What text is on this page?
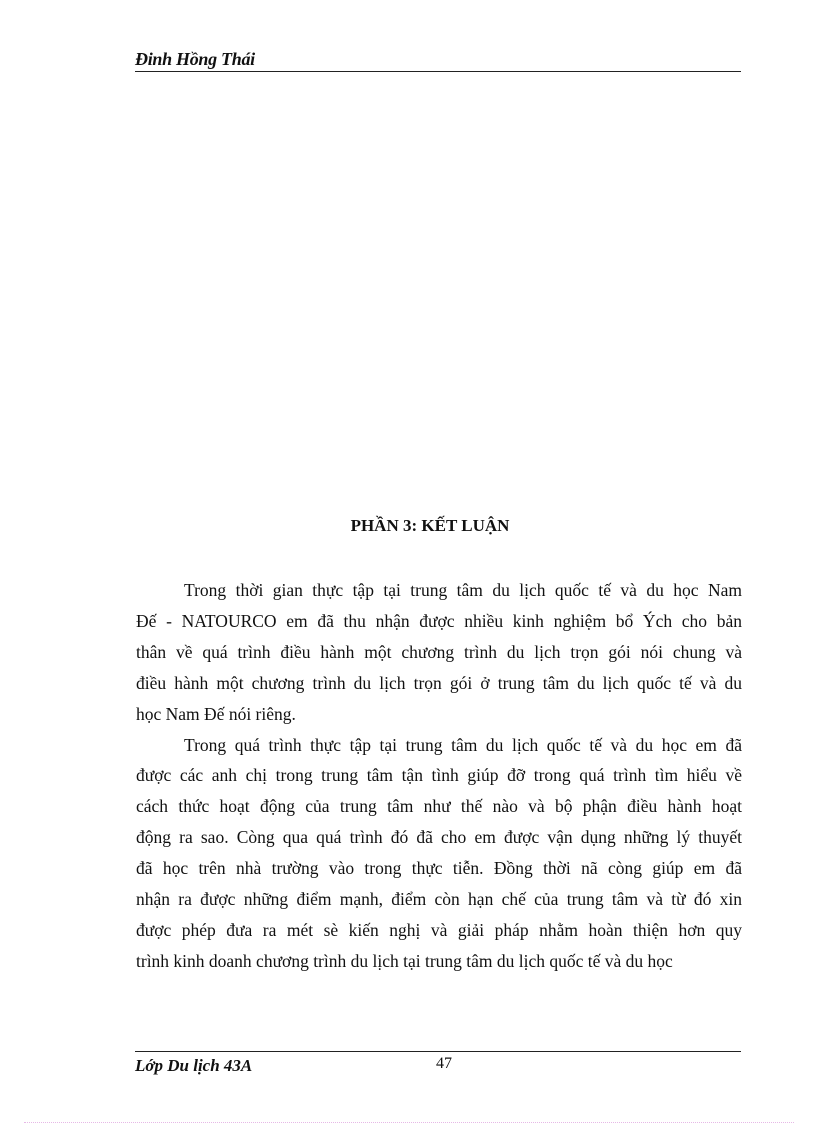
Đinh Hồng Thái
PHẦN 3: KẾT LUẬN

Trong thời gian thực tập tại trung tâm du lịch quốc tế và du học Nam
Đế - NATOURCO em đã thu nhận được nhiều kinh nghiệm bổ Ých cho bản
thân về quá trình điều hành một chương trình du lịch trọn gói nói chung và
điều hành một chương trình du lịch trọn gói ở trung tâm du lịch quốc tế và du
học Nam Đế nói riêng.

Trong quá trình thực tập tại trung tâm du lịch quốc tế và du học em đã
được các anh chị trong trung tâm tận tình giúp đỡ trong quá trình tìm hiểu về
cách thức hoạt động của trung tâm như thế nào và bộ phận điều hành hoạt
động ra sao. Còng qua quá trình đó đã cho em được vận dụng những lý thuyết
đã học trên nhà trường vào trong thực tiễn. Đồng thời nã còng giúp em đã
nhận ra được những điểm mạnh, điểm còn hạn chế của trung tâm và từ đó xin
được phép đưa ra mét sè kiến nghị và giải pháp nhằm hoàn thiện hơn quy
trình kinh doanh chương trình du lịch tại trung tâm du lịch quốc tế và du học

Lớp Du lịch 43A	47
